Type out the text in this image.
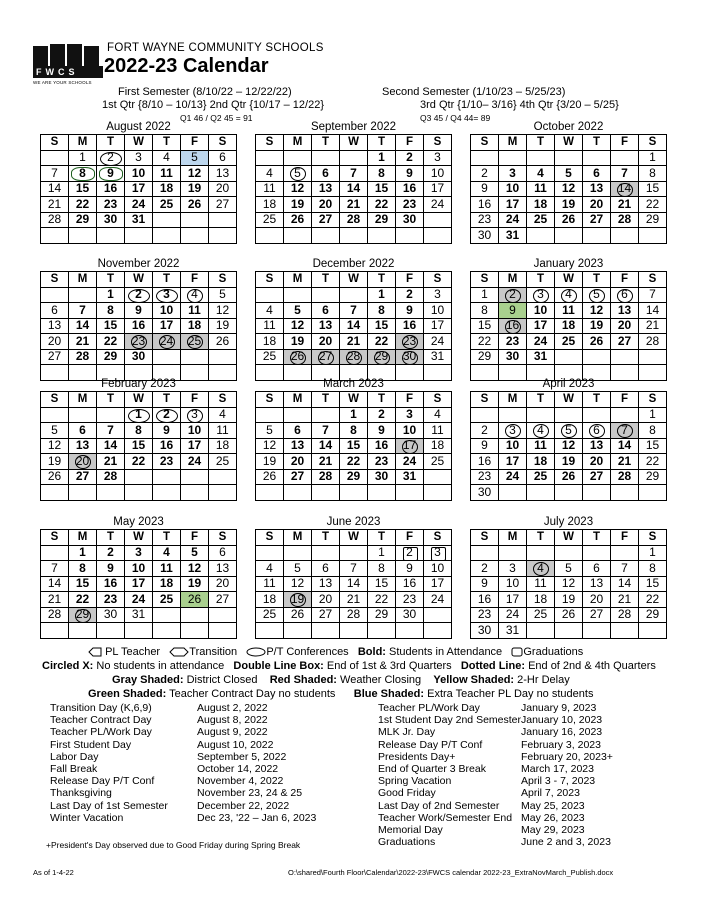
F W C S
WE ARE YOUR SCHOOLS
FORT WAYNE COMMUNITY SCHOOLS
2022-23 Calendar
First Semester (8/10/22 – 12/22/22)
1st Qtr {8/10 – 10/13} 2nd Qtr {10/17 – 12/22}
Q1 46 / Q2 45 = 91
Second Semester (1/10/23 – 5/25/23)
3rd Qtr {1/10– 3/16} 4th Qtr {3/20 – 5/25}
Q3 45 / Q4 44= 89
August 2022
S	M	T	W	T	F	S
	1	2	3	4	5	6
7	8	9	10	11	12	13
14	15	16	17	18	19	20
21	22	23	24	25	26	27
28	29	30	31			

September 2022
S	M	T	W	T	F	S
				1	2	3
4	5	6	7	8	9	10
11	12	13	14	15	16	17
18	19	20	21	22	23	24
25	26	27	28	29	30	

October 2022
S	M	T	W	T	F	S
						1
2	3	4	5	6	7	8
9	10	11	12	13	14	15
16	17	18	19	20	21	22
23	24	25	26	27	28	29
30	31					
November 2022
S	M	T	W	T	F	S
		1	2	3	4	5
6	7	8	9	10	11	12
13	14	15	16	17	18	19
20	21	22	23	24	25	26
27	28	29	30			

December 2022
S	M	T	W	T	F	S
				1	2	3
4	5	6	7	8	9	10
11	12	13	14	15	16	17
18	19	20	21	22	23	24
25	26	27	28	29	30	31

January 2023
S	M	T	W	T	F	S
1	2	3	4	5	6	7
8	9	10	11	12	13	14
15	16	17	18	19	20	21
22	23	24	25	26	27	28
29	30	31				

February 2023
S	M	T	W	T	F	S
			1	2	3	4
5	6	7	8	9	10	11
12	13	14	15	16	17	18
19	20	21	22	23	24	25
26	27	28				

March 2023
S	M	T	W	T	F	S
			1	2	3	4
5	6	7	8	9	10	11
12	13	14	15	16	17	18
19	20	21	22	23	24	25
26	27	28	29	30	31	

April 2023
S	M	T	W	T	F	S
						1
2	3	4	5	6	7	8
9	10	11	12	13	14	15
16	17	18	19	20	21	22
23	24	25	26	27	28	29
30						
May 2023
S	M	T	W	T	F	S
	1	2	3	4	5	6
7	8	9	10	11	12	13
14	15	16	17	18	19	20
21	22	23	24	25	26	27
28	29	30	31			

June 2023
S	M	T	W	T	F	S
				1	2	3
4	5	6	7	8	9	10
11	12	13	14	15	16	17
18	19	20	21	22	23	24
25	26	27	28	29	30	

July 2023
S	M	T	W	T	F	S
						1
2	3	4	5	6	7	8
9	10	11	12	13	14	15
16	17	18	19	20	21	22
23	24	25	26	27	28	29
30	31					
PL Teacher	Transition	P/T Conferences Bold: Students in Attendance Graduations
Circled X: No students in attendance Double Line Box: End of 1st & 3rd Quarters Dotted Line: End of 2nd & 4th Quarters
Gray Shaded: District Closed Red Shaded: Weather Closing Yellow Shaded: 2-Hr Delay
Green Shaded: Teacher Contract Day no students Blue Shaded: Extra Teacher PL Day no students
Transition Day (K,6,9)	August 2, 2022
Teacher Contract Day	August 8, 2022
Teacher PL/Work Day	August 9, 2022
First Student Day	August 10, 2022
Labor Day	September 5, 2022
Fall Break	October 14, 2022
Release Day P/T Conf	November 4, 2022
Thanksgiving	November 23, 24 & 25
Last Day of 1st Semester	December 22, 2022
Winter Vacation	Dec 23, '22 – Jan 6, 2023
Teacher PL/Work Day	January 9, 2023
1st Student Day 2nd Semester January 10, 2023
MLK Jr. Day	January 16, 2023
Release Day P/T Conf	February 3, 2023
Presidents Day+	February 20, 2023+
End of Quarter 3 Break	March 17, 2023
Spring Vacation	April 3 - 7, 2023
Good Friday	April 7, 2023
Last Day of 2nd Semester	May 25, 2023
Teacher Work/Semester End May 26, 2023
Memorial Day	May 29, 2023
Graduations	June 2 and 3, 2023
+President's Day observed due to Good Friday during Spring Break
As of 1-4-22	O:\shared\Fourth Floor\Calendar\2022-23\FWCS calendar 2022-23_ExtraNovMarch_Publish.docx
